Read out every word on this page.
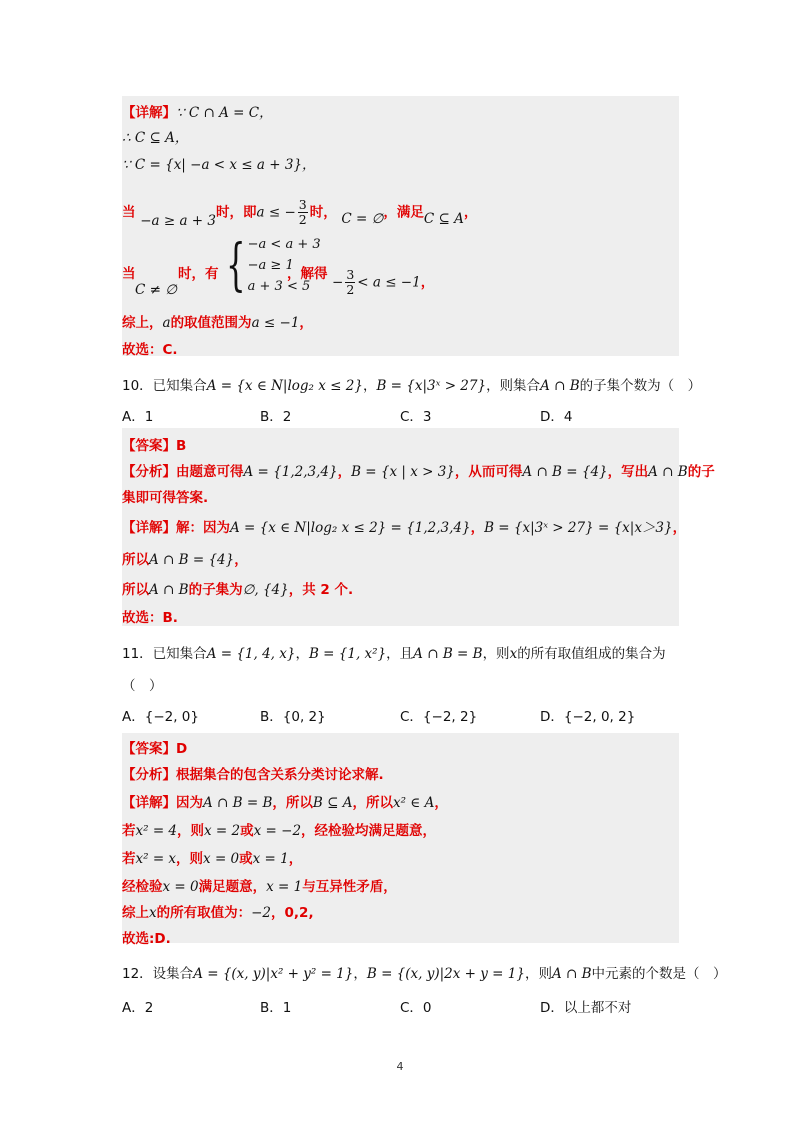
【详解】∵ C ∩ A = C，
∴ C ⊆ A，
∵ C = {x| −a < x ≤ a + 3}，
当 −a ≥ a + 3时，即a ≤ − $\frac{3}{2}$ 时， C = ∅，满足C ⊆ A，
当
C ≠ ∅
时，有 { −a < a + 3
−a ≥ 1
a + 3 < 5
，解得
− $\frac{3}{2} < a \le -1$，
综上，a的取值范围为a ≤ −1，
故选：C.
10．已知集合A = {x ∈ N|log₂ x ≤ 2}，B = {x|3ˣ > 27}，则集合A ∩ B的子集个数为（　）
A．1	B．2	C．3	D．4
【答案】B
【分析】由题意可得A = {1,2,3,4}，B = {x | x > 3}，从而可得A ∩ B = {4}，写出A ∩ B的子
集即可得答案.
【详解】解：因为A = {x ∈ N|log₂ x ≤ 2} = {1,2,3,4}，B = {x|3ˣ > 27} = {x|x＞3}，
所以A ∩ B = {4}，
所以A ∩ B的子集为∅, {4}，共 2 个.
故选：B.
11．已知集合A = {1, 4, x}，B = {1, x²}，且A ∩ B = B，则x的所有取值组成的集合为
（　）
A．{−2, 0}	B．{0, 2}	C．{−2, 2}	D．{−2, 0, 2}
【答案】D
【分析】根据集合的包含关系分类讨论求解.
【详解】因为A ∩ B = B，所以B ⊆ A，所以x² ∈ A，
若x² = 4，则x = 2或x = −2，经检验均满足题意，
若x² = x，则x = 0或x = 1，
经检验x = 0满足题意，x = 1与互异性矛盾，
综上x的所有取值为：−2，0,2,
故选:D.
12．设集合A = {(x, y)|x² + y² = 1}，B = {(x, y)|2x + y = 1}，则A ∩ B中元素的个数是（　）
A．2	B．1	C．0	D．以上都不对
4
